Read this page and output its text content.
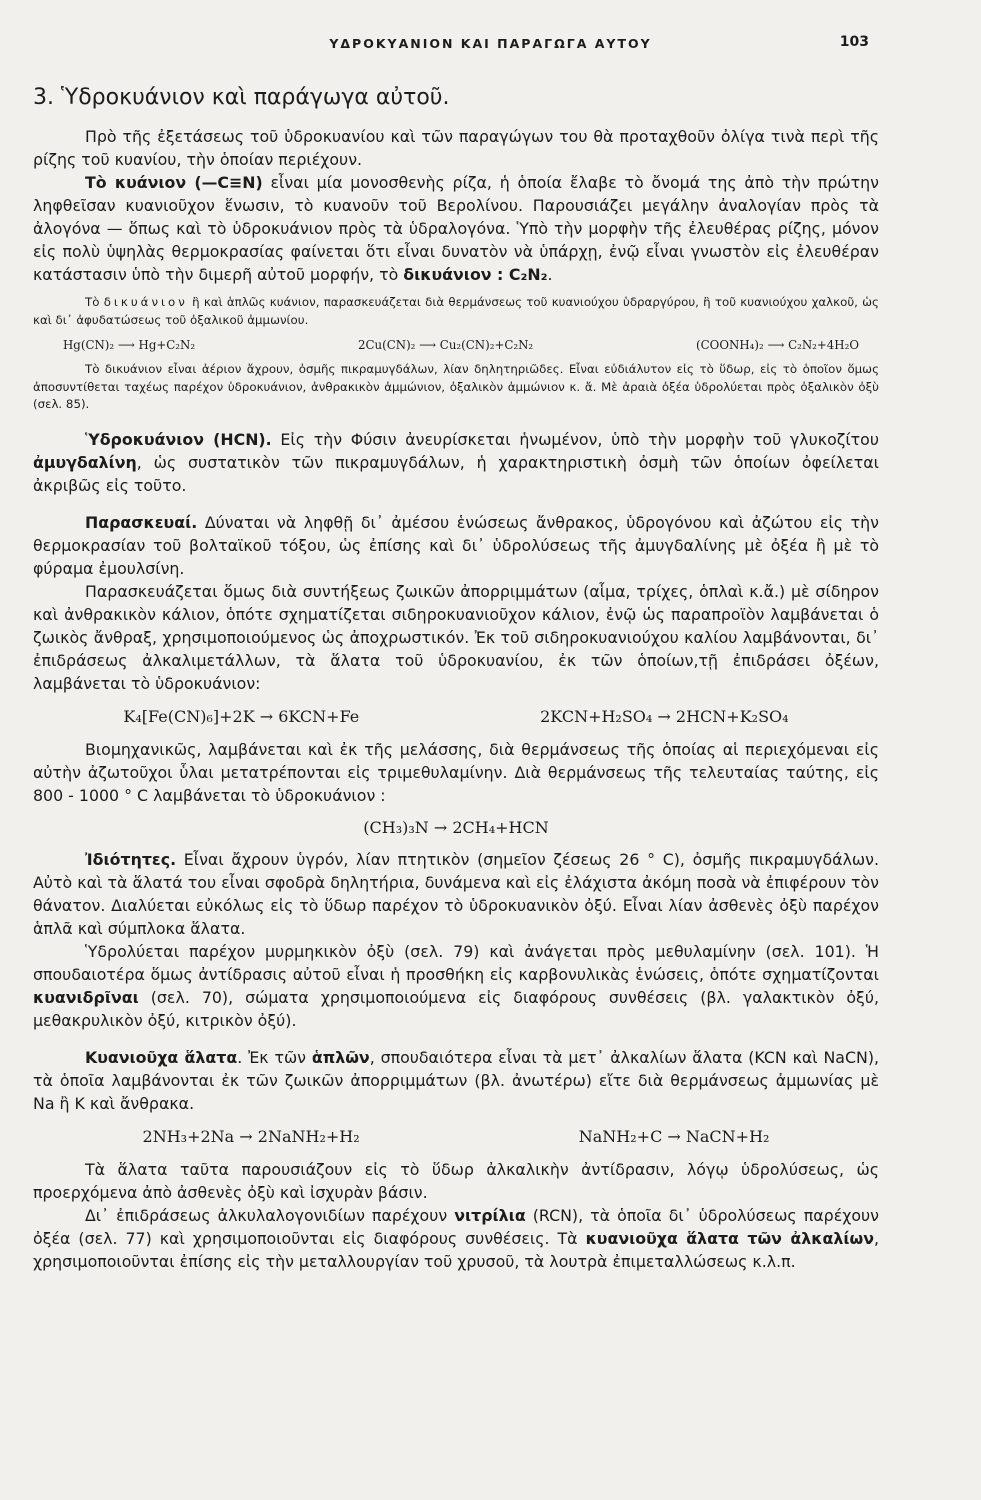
ΥΔΡΟΚΥΑΝΙΟΝ ΚΑΙ ΠΑΡΑΓΩΓΑ ΑΥΤΟΥ	103
3. Ὑδροκυάνιον καὶ παράγωγα αὐτοῦ.

Πρὸ τῆς ἐξετάσεως τοῦ ὑδροκυανίου καὶ τῶν παραγώγων του θὰ προταχθοῦν ὀλίγα τινὰ περὶ τῆς ρίζης τοῦ κυανίου, τὴν ὁποίαν περιέχουν.

Τὸ κυάνιον (—C≡N) εἶναι μία μονοσθενὴς ρίζα, ἡ ὁποία ἔλαβε τὸ ὄνομά της ἀπὸ τὴν πρώτην ληφθεῖσαν κυανιοῦχον ἕνωσιν, τὸ κυανοῦν τοῦ Βερολίνου. Παρουσιάζει μεγάλην ἀναλογίαν πρὸς τὰ ἀλογόνα — ὅπως καὶ τὸ ὑδροκυάνιον πρὸς τὰ ὑδραλογόνα. Ὑπὸ τὴν μορφὴν τῆς ἐλευθέρας ρίζης, μόνον εἰς πολὺ ὑψηλὰς θερμοκρασίας φαίνεται ὅτι εἶναι δυνατὸν νὰ ὑπάρχῃ, ἐνῷ εἶναι γνωστὸν εἰς ἐλευθέραν κατάστασιν ὑπὸ τὴν διμερῆ αὐτοῦ μορφήν, τὸ δικυάνιον : C₂N₂.

Τὸ δικυάνιον ἢ καὶ ἁπλῶς κυάνιον, παρασκευάζεται διὰ θερμάνσεως τοῦ κυανιούχου ὑδραργύρου, ἢ τοῦ κυανιούχου χαλκοῦ, ὡς καὶ δι᾽ ἀφυδατώσεως τοῦ ὀξαλικοῦ ἀμμωνίου.

Hg(CN)₂ ⟶ Hg+C₂N₂	2Cu(CN)₂ ⟶ Cu₂(CN)₂+C₂N₂	(COONH₄)₂ ⟶ C₂N₂+4H₂O

Τὸ δικυάνιον εἶναι ἀέριον ἄχρουν, ὀσμῆς πικραμυγδάλων, λίαν δηλητηριῶδες. Εἶναι εὐδιάλυτον εἰς τὸ ὕδωρ, εἰς τὸ ὁποῖον ὅμως ἀποσυντίθεται ταχέως παρέχον ὑδροκυάνιον, ἀνθρακικὸν ἀμμώνιον, ὀξαλικὸν ἀμμώνιον κ. ἄ. Μὲ ἀραιὰ ὀξέα ὑδρολύεται πρὸς ὀξαλικὸν ὀξὺ (σελ. 85).

Ὑδροκυάνιον (HCN). Εἰς τὴν Φύσιν ἀνευρίσκεται ἡνωμένον, ὑπὸ τὴν μορφὴν τοῦ γλυκοζίτου ἀμυγδαλίνη, ὡς συστατικὸν τῶν πικραμυγδάλων, ἡ χαρακτηριστικὴ ὀσμὴ τῶν ὁποίων ὀφείλεται ἀκριβῶς εἰς τοῦτο.

Παρασκευαί. Δύναται νὰ ληφθῇ δι᾽ ἀμέσου ἑνώσεως ἄνθρακος, ὑδρογόνου καὶ ἀζώτου εἰς τὴν θερμοκρασίαν τοῦ βολταϊκοῦ τόξου, ὡς ἐπίσης καὶ δι᾽ ὑδρολύσεως τῆς ἀμυγδαλίνης μὲ ὀξέα ἢ μὲ τὸ φύραμα ἐμουλσίνη.

Παρασκευάζεται ὅμως διὰ συντήξεως ζωικῶν ἀπορριμμάτων (αἷμα, τρίχες, ὁπλαὶ κ.ἄ.) μὲ σίδηρον καὶ ἀνθρακικὸν κάλιον, ὁπότε σχηματίζεται σιδηροκυανιοῦχον κάλιον, ἐνῷ ὡς παραπροϊὸν λαμβάνεται ὁ ζωικὸς ἄνθραξ, χρησιμοποιούμενος ὡς ἀποχρωστικόν. Ἐκ τοῦ σιδηροκυανιούχου καλίου λαμβάνονται, δι᾽ ἐπιδράσεως ἀλκαλιμετάλλων, τὰ ἅλατα τοῦ ὑδροκυανίου, ἐκ τῶν ὁποίων,τῇ ἐπιδράσει ὀξέων, λαμβάνεται τὸ ὑδροκυάνιον:

K₄[Fe(CN)₆]+2K → 6KCN+Fe	2KCN+H₂SO₄ → 2HCN+K₂SO₄

Βιομηχανικῶς, λαμβάνεται καὶ ἐκ τῆς μελάσσης, διὰ θερμάνσεως τῆς ὁποίας αἱ περιεχόμεναι εἰς αὐτὴν ἀζωτοῦχοι ὗλαι μετατρέπονται εἰς τριμεθυλαμίνην. Διὰ θερμάνσεως τῆς τελευταίας ταύτης, εἰς 800 - 1000 ° C λαμβάνεται τὸ ὑδροκυάνιον :

(CH₃)₃N → 2CH₄+HCN

Ἰδιότητες. Εἶναι ἄχρουν ὑγρόν, λίαν πτητικὸν (σημεῖον ζέσεως 26 ° C), ὀσμῆς πικραμυγδάλων. Αὐτὸ καὶ τὰ ἅλατά του εἶναι σφοδρὰ δηλητήρια, δυνάμενα καὶ εἰς ἐλάχιστα ἀκόμη ποσὰ νὰ ἐπιφέρουν τὸν θάνατον. Διαλύεται εὐκόλως εἰς τὸ ὕδωρ παρέχον τὸ ὑδροκυανικὸν ὀξύ. Εἶναι λίαν ἀσθενὲς ὀξὺ παρέχον ἁπλᾶ καὶ σύμπλοκα ἅλατα.

Ὑδρολύεται παρέχον μυρμηκικὸν ὀξὺ (σελ. 79) καὶ ἀνάγεται πρὸς μεθυλαμίνην (σελ. 101). Ἡ σπουδαιοτέρα ὅμως ἀντίδρασις αὐτοῦ εἶναι ἡ προσθήκη εἰς καρβονυλικὰς ἑνώσεις, ὁπότε σχηματίζονται κυανιδρῖναι (σελ. 70), σώματα χρησιμοποιούμενα εἰς διαφόρους συνθέσεις (βλ. γαλακτικὸν ὀξύ, μεθακρυλικὸν ὀξύ, κιτρικὸν ὀξύ).

Κυανιοῦχα ἅλατα. Ἐκ τῶν ἁπλῶν, σπουδαιότερα εἶναι τὰ μετ᾽ ἀλκαλίων ἅλατα (KCN καὶ NaCN), τὰ ὁποῖα λαμβάνονται ἐκ τῶν ζωικῶν ἀπορριμμάτων (βλ. ἀνωτέρω) εἴτε διὰ θερμάνσεως ἀμμωνίας μὲ Na ἢ K καὶ ἄνθρακα.

2NH₃+2Na → 2NaNH₂+H₂	NaNH₂+C → NaCN+H₂

Τὰ ἅλατα ταῦτα παρουσιάζουν εἰς τὸ ὕδωρ ἀλκαλικὴν ἀντίδρασιν, λόγῳ ὑδρολύσεως, ὡς προερχόμενα ἀπὸ ἀσθενὲς ὀξὺ καὶ ἰσχυρὰν βάσιν.

Δι᾽ ἐπιδράσεως ἀλκυλαλογονιδίων παρέχουν νιτρίλια (RCN), τὰ ὁποῖα δι᾽ ὑδρολύσεως παρέχουν ὀξέα (σελ. 77) καὶ χρησιμοποιοῦνται εἰς διαφόρους συνθέσεις. Τὰ κυανιοῦχα ἅλατα τῶν ἀλκαλίων, χρησιμοποιοῦνται ἐπίσης εἰς τὴν μεταλλουργίαν τοῦ χρυσοῦ, τὰ λουτρὰ ἐπιμεταλλώσεως κ.λ.π.
